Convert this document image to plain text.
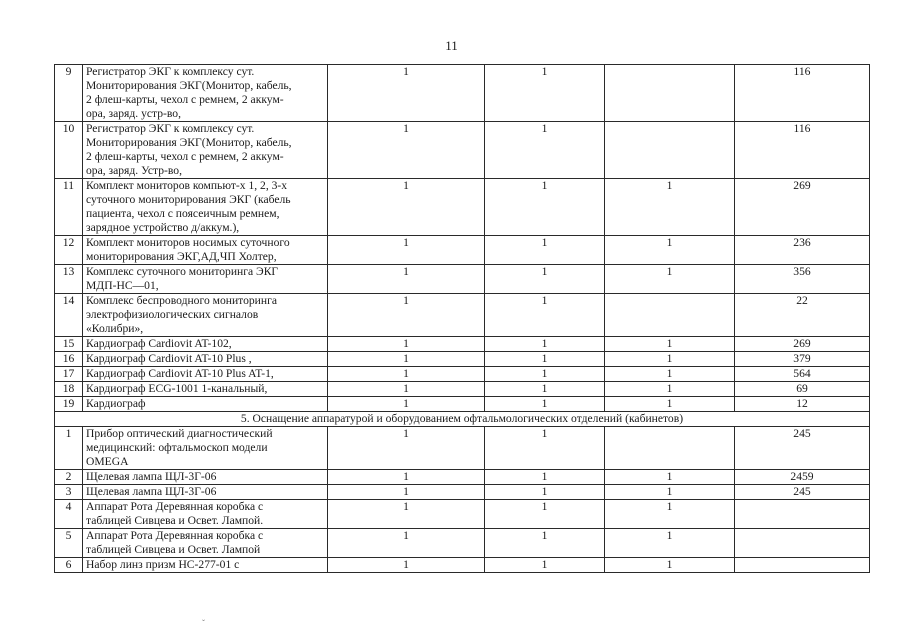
11
9	Регистратор ЭКГ к комплексу сут.
Мониторирования ЭКГ(Монитор, кабель,
2 флеш-карты, чехол с ремнем, 2 аккум-
ора, заряд. устр-во,	1	1		116
10	Регистратор ЭКГ к комплексу сут.
Мониторирования ЭКГ(Монитор, кабель,
2 флеш-карты, чехол с ремнем, 2 аккум-
ора, заряд. Устр-во,	1	1		116
11	Комплект мониторов компьют-х 1, 2, 3-х
суточного мониторирования ЭКГ (кабель
пациента, чехол с поясеичным ремнем,
зарядное устройство д/аккум.),	1	1	1	269
12	Комплект мониторов носимых суточного
мониторирования ЭКГ,АД,ЧП Холтер,	1	1	1	236
13	Комплекс суточного мониторинга ЭКГ
МДП-НС—01,	1	1	1	356
14	Комплекс беспроводного мониторинга
электрофизиологических сигналов
«Колибри»,	1	1		22
15	Кардиограф Cardiovit AT-102,	1	1	1	269
16	Кардиограф Cardiovit AT-10 Plus ,	1	1	1	379
17	Кардиограф Cardiovit AT-10 Plus AT-1,	1	1	1	564
18	Кардиограф ECG-1001 1-канальный,	1	1	1	69
19	Кардиограф	1	1	1	12
5. Оснащение аппаратурой и оборудованием офтальмологических отделений (кабинетов)					
1	Прибор оптический диагностический
медицинский: офтальмоскоп модели
OMEGA	1	1		245
2	Щелевая лампа ЩЛ-3Г-06	1	1	1	2459
3	Щелевая лампа ЩЛ-3Г-06	1	1	1	245
4	Аппарат Рота Деревянная коробка с
таблицей Сивцева и Освет. Лампой.	1	1	1	
5	Аппарат Рота Деревянная коробка с
таблицей Сивцева и Освет. Лампой	1	1	1	
6	Набор линз призм НС-277-01 с	1	1	1	
ˇ
